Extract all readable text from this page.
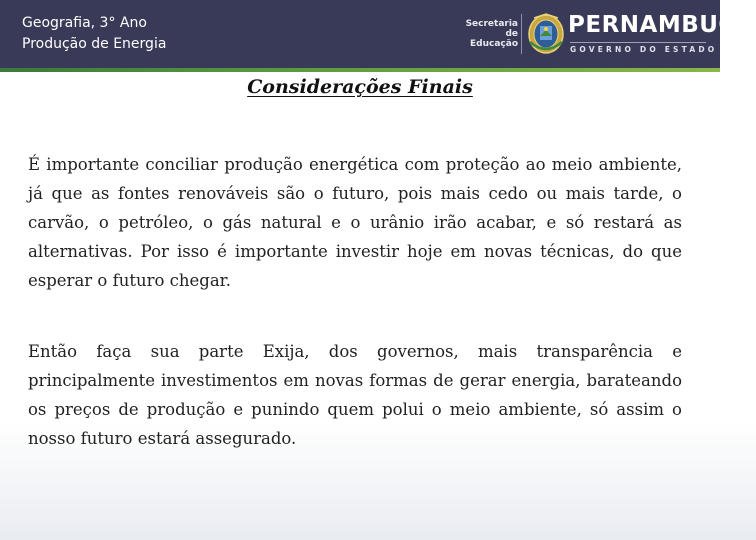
Geografia, 3° Ano
Produção de Energia
Secretaria de
Educação
PERNAMBUCO
GOVERNO DO ESTADO
Considerações Finais

É importante conciliar produção energética com proteção ao meio ambiente, já que as fontes renováveis são o futuro, pois mais cedo ou mais tarde, o carvão, o petróleo, o gás natural e o urânio irão acabar, e só restará as alternativas. Por isso é importante investir hoje em novas técnicas, do que esperar o futuro chegar.

Então faça sua parte Exija, dos governos, mais transparência e principalmente investimentos em novas formas de gerar energia, barateando os preços de produção e punindo quem polui o meio ambiente, só assim o nosso futuro estará assegurado.
